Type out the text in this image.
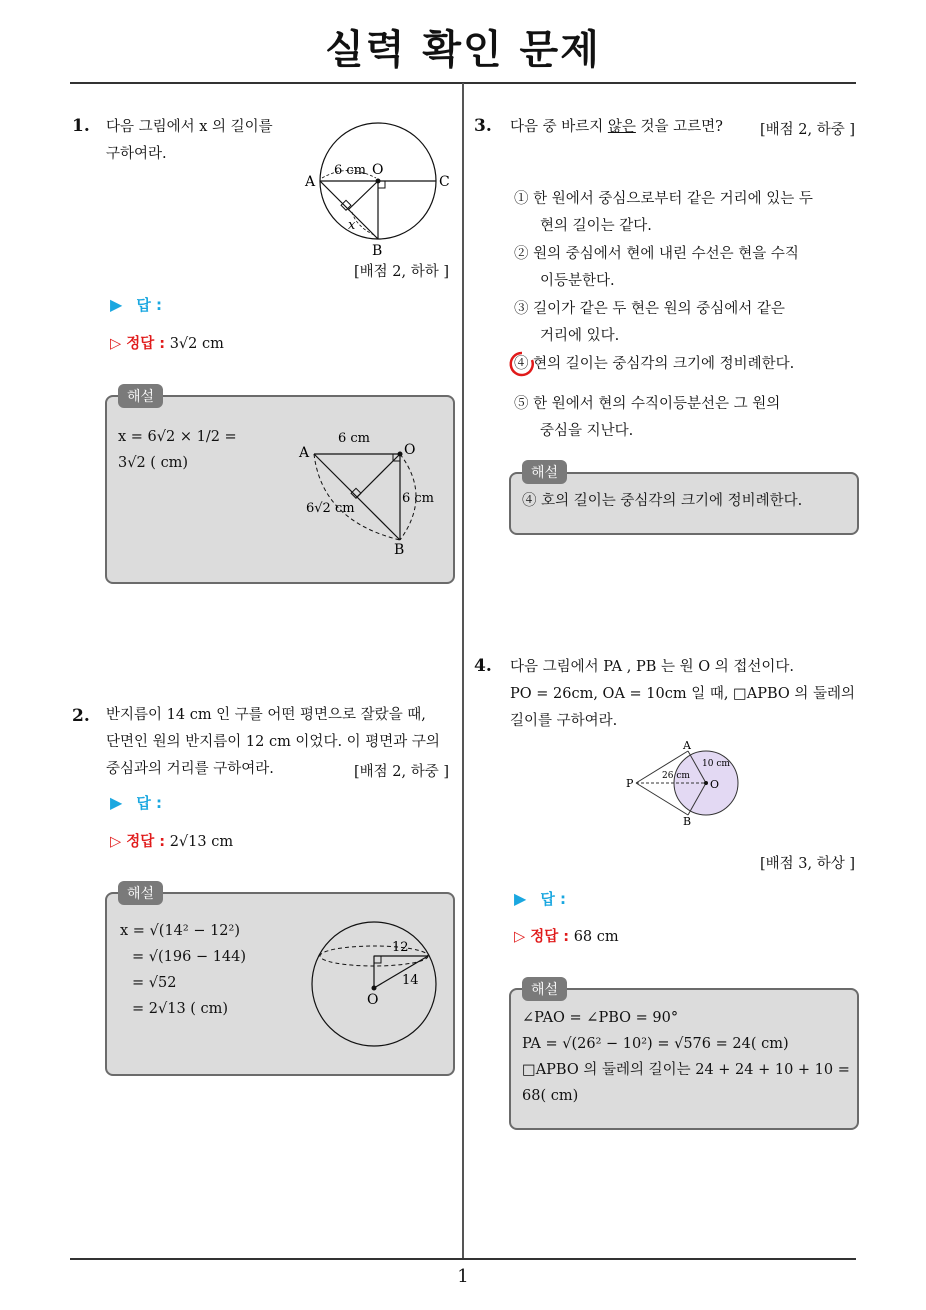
실력 확인 문제
1
1. 다음 그림에서 x 의 길이를
구하여라.
6 cm O
A	C
B
x
[배점 2, 하하 ]
▶ 답 :
▷ 정답 : 3√2 cm
해설
x = 6√2 × 1/2 =
3√2 ( cm)
6 cm
O
A
B
6 cm
6√2 cm
2. 반지름이 14 cm 인 구를 어떤 평면으로 잘랐을 때,
단면인 원의 반지름이 12 cm 이었다. 이 평면과 구의
중심과의 거리를 구하여라.	[배점 2, 하중 ]
▶ 답 :
▷ 정답 : 2√13 cm
해설
x = √(14² − 12²)
= √(196 − 144)
= √52
= 2√13 ( cm)
12
14
O
3. 다음 중 바르지 않은 것을 고르면?	[배점 2, 하중 ]
① 한 원에서 중심으로부터 같은 거리에 있는 두
현의 길이는 같다.
② 원의 중심에서 현에 내린 수선은 현을 수직
이등분한다.
③ 길이가 같은 두 현은 원의 중심에서 같은
거리에 있다.
④ 현의 길이는 중심각의 크기에 정비례한다.
⑤ 한 원에서 현의 수직이등분선은 그 원의
중심을 지난다.
해설
④ 호의 길이는 중심각의 크기에 정비례한다.
4. 다음 그림에서 PA , PB 는 원 O 의 접선이다.
PO = 26cm, OA = 10cm 일 때, □APBO 의 둘레의
길이를 구하여라.
P
A
B
O
26 cm
10 cm
[배점 3, 하상 ]
▶ 답 :
▷ 정답 : 68 cm
해설
∠PAO = ∠PBO = 90°
PA = √(26² − 10²) = √576 = 24( cm)
□APBO 의 둘레의 길이는 24 + 24 + 10 + 10 =
68( cm)
